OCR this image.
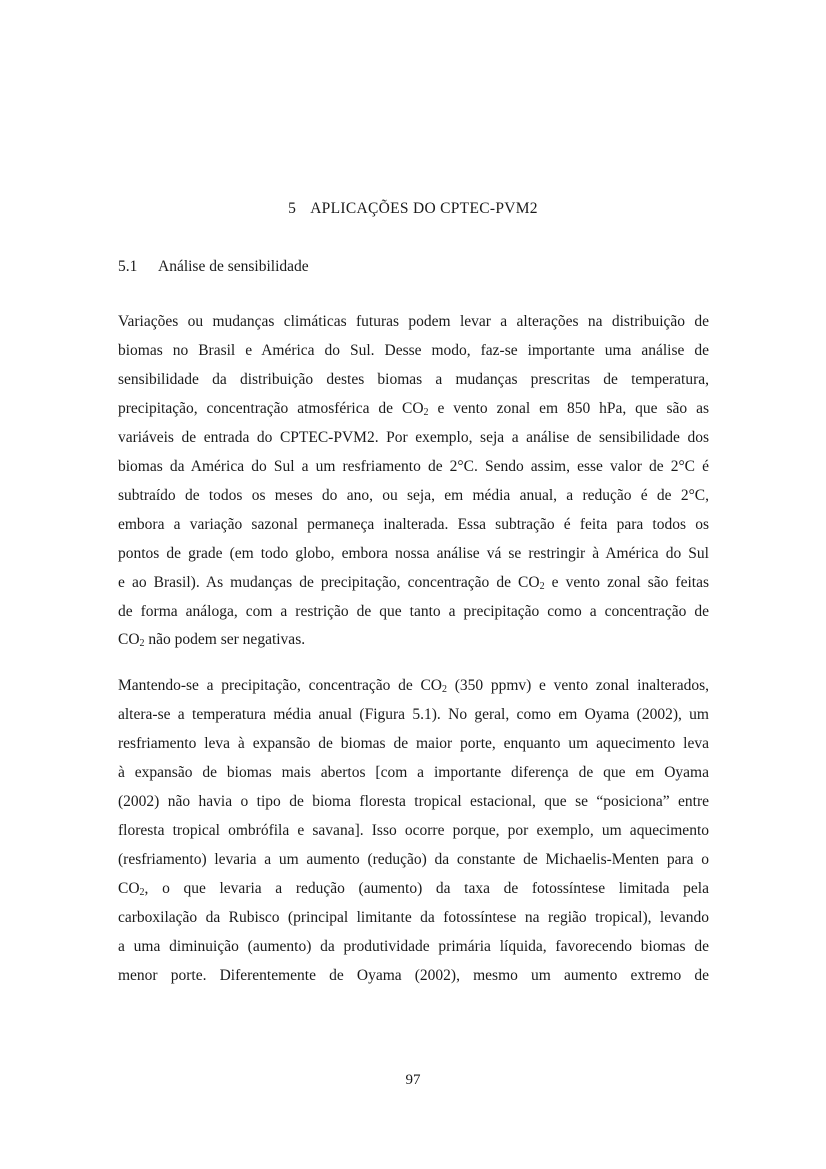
5 APLICAÇÕES DO CPTEC-PVM2
5.1 Análise de sensibilidade

Variações ou mudanças climáticas futuras podem levar a alterações na distribuição de
biomas no Brasil e América do Sul. Desse modo, faz-se importante uma análise de
sensibilidade da distribuição destes biomas a mudanças prescritas de temperatura,
precipitação, concentração atmosférica de $CO_2$ e vento zonal em 850 hPa, que são as
variáveis de entrada do CPTEC-PVM2. Por exemplo, seja a análise de sensibilidade dos
biomas da América do Sul a um resfriamento de 2°C. Sendo assim, esse valor de 2°C é
subtraído de todos os meses do ano, ou seja, em média anual, a redução é de 2°C,
embora a variação sazonal permaneça inalterada. Essa subtração é feita para todos os
pontos de grade (em todo globo, embora nossa análise vá se restringir à América do Sul
e ao Brasil). As mudanças de precipitação, concentração de $CO_2$ e vento zonal são feitas
de forma análoga, com a restrição de que tanto a precipitação como a concentração de
$CO_2$ não podem ser negativas.

Mantendo-se a precipitação, concentração de $CO_2$ (350 ppmv) e vento zonal inalterados,
altera-se a temperatura média anual (Figura 5.1). No geral, como em Oyama (2002), um
resfriamento leva à expansão de biomas de maior porte, enquanto um aquecimento leva
à expansão de biomas mais abertos [com a importante diferença de que em Oyama
(2002) não havia o tipo de bioma floresta tropical estacional, que se “posiciona” entre
floresta tropical ombrófila e savana]. Isso ocorre porque, por exemplo, um aquecimento
(resfriamento) levaria a um aumento (redução) da constante de Michaelis-Menten para o
$CO_2$, o que levaria a redução (aumento) da taxa de fotossíntese limitada pela
carboxilação da Rubisco (principal limitante da fotossíntese na região tropical), levando
a uma diminuição (aumento) da produtividade primária líquida, favorecendo biomas de
menor porte. Diferentemente de Oyama (2002), mesmo um aumento extremo de

97
